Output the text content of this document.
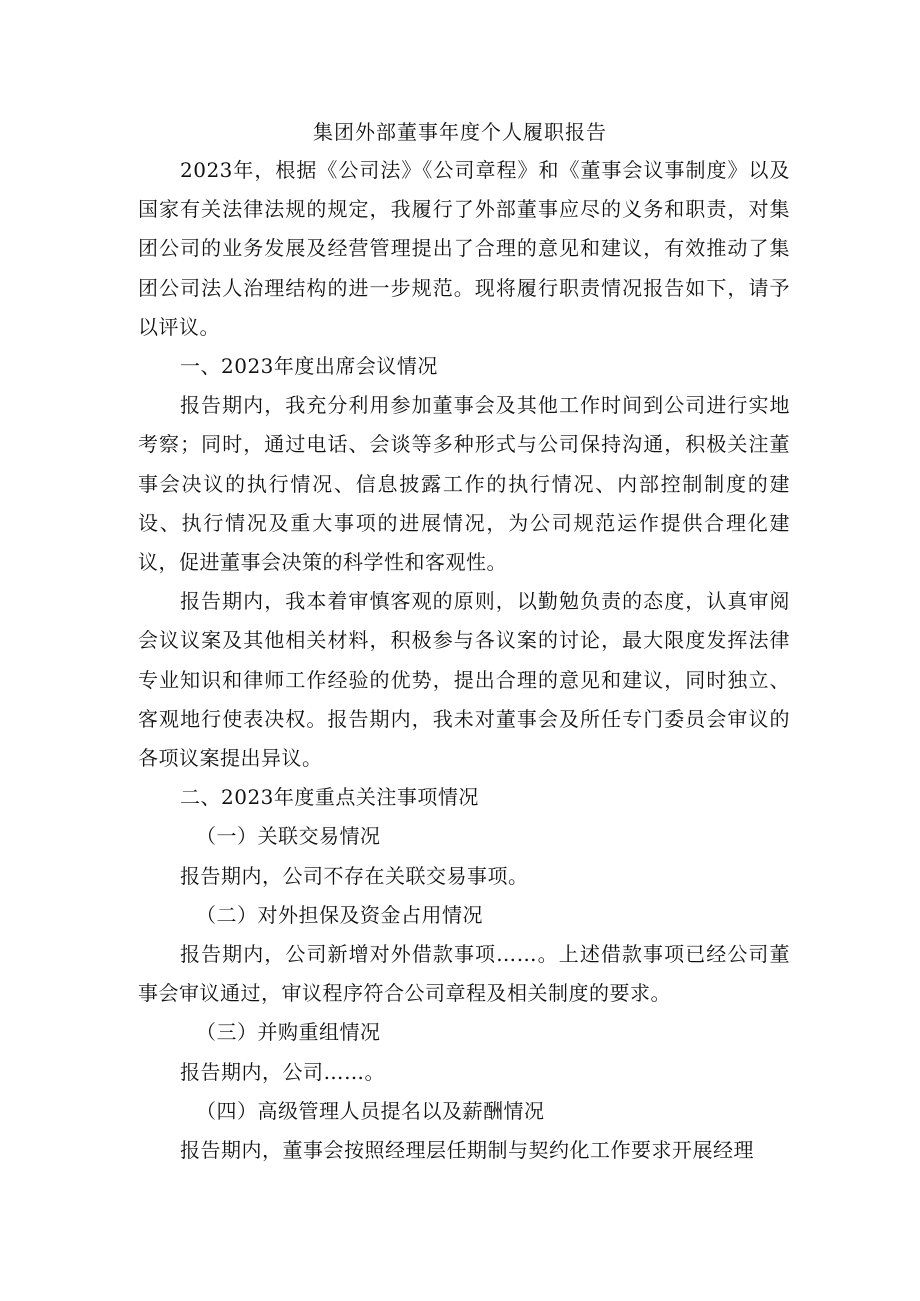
集团外部董事年度个人履职报告
2023年，根据《公司法》《公司章程》和《董事会议事制度》以及国家有关法律法规的规定，我履行了外部董事应尽的义务和职责，对集团公司的业务发展及经营管理提出了合理的意见和建议，有效推动了集团公司法人治理结构的进一步规范。现将履行职责情况报告如下，请予以评议。
一、2023年度出席会议情况
报告期内，我充分利用参加董事会及其他工作时间到公司进行实地考察；同时，通过电话、会谈等多种形式与公司保持沟通，积极关注董事会决议的执行情况、信息披露工作的执行情况、内部控制制度的建设、执行情况及重大事项的进展情况，为公司规范运作提供合理化建议，促进董事会决策的科学性和客观性。
报告期内，我本着审慎客观的原则，以勤勉负责的态度，认真审阅会议议案及其他相关材料，积极参与各议案的讨论，最大限度发挥法律专业知识和律师工作经验的优势，提出合理的意见和建议，同时独立、客观地行使表决权。报告期内，我未对董事会及所任专门委员会审议的各项议案提出异议。
二、2023年度重点关注事项情况
（一）关联交易情况
报告期内，公司不存在关联交易事项。
（二）对外担保及资金占用情况
报告期内，公司新增对外借款事项……。上述借款事项已经公司董事会审议通过，审议程序符合公司章程及相关制度的要求。
（三）并购重组情况
报告期内，公司……。
（四）高级管理人员提名以及薪酬情况
报告期内，董事会按照经理层任期制与契约化工作要求开展经理
